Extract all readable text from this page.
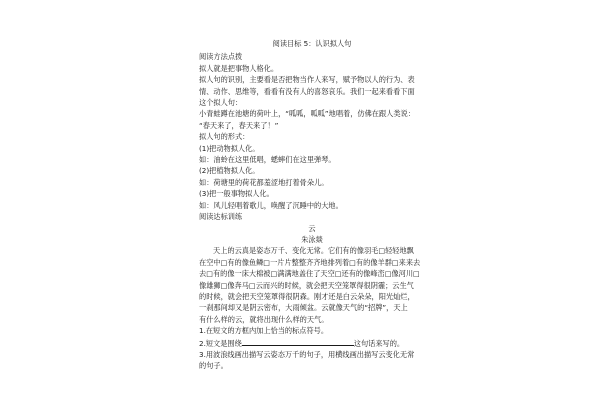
阅读目标 5：认识拟人句
阅读方法点拨
拟人就是把事物人格化。
拟人句的识别，主要看是否把物当作人来写，赋予物以人的行为、表
情、动作、思维等，看看有没有人的喜怒哀乐。我们一起来看看下面
这个拟人句：
小青蛙蹲在池塘的荷叶上，“呱呱，呱呱”地唱着，仿佛在跟人类说：
“春天来了，春天来了！”
拟人句的形式：
(1)把动物拟人化。
如：油蛉在这里低唱，蟋蟀们在这里弹琴。
(2)把植物拟人化。
如：荷塘里的荷花都羞涩地打着骨朵儿。
(3)把一般事物拟人化。
如：风儿轻唱着歌儿，唤醒了沉睡中的大地。
阅读达标训练
云
朱泳燚
天上的云真是姿态万千、变化无常。它们有的像羽毛□轻轻地飘
在空中□有的像鱼鳞□一片片整整齐齐地排列着□有的像羊群□来来去
去□有的像一床大棉被□满满地盖住了天空□还有的像峰峦□像河川□
像雄狮□像奔马□云而兴的时候，就会把天空笼罩得很阴霾；云生气
的时候，就会把天空笼罩得很阴森。刚才还是白云朵朵，阳光灿烂，
一刹那间却又是阴云密布，大雨倾盆。云就像天气的“招牌”，天上
有什么样的云，就将出现什么样的天气。
1.在短文的方框内加上恰当的标点符号。
2.短文是围绕	这句话来写的。
3.用波浪线画出描写云姿态万千的句子，用横线画出描写云变化无常
的句子。
